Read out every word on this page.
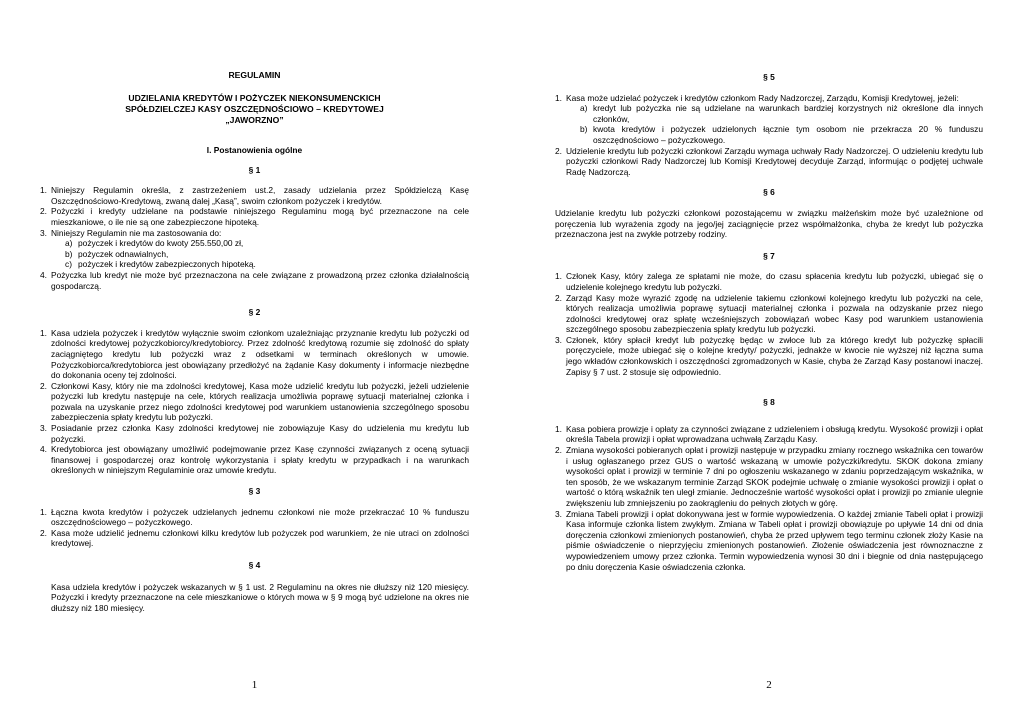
REGULAMIN
UDZIELANIA KREDYTÓW I POŻYCZEK NIEKONSUMENCKICH
SPÓŁDZIELCZEJ KASY OSZCZĘDNOŚCIOWO – KREDYTOWEJ
„JAWORZNO”
I. Postanowienia ogólne
§ 1
1. Niniejszy Regulamin określa, z zastrzeżeniem ust.2, zasady udzielania przez Spółdzielczą Kasę Oszczędnościowo-Kredytową, zwaną dalej „Kasą”, swoim członkom pożyczek i kredytów.
2. Pożyczki i kredyty udzielane na podstawie niniejszego Regulaminu mogą być przeznaczone na cele mieszkaniowe, o ile nie są one zabezpieczone hipoteką.
3. Niniejszy Regulamin nie ma zastosowania do:
a) pożyczek i kredytów do kwoty 255.550,00 zł,
b) pożyczek odnawialnych,
c) pożyczek i kredytów zabezpieczonych hipoteką.
4. Pożyczka lub kredyt nie może być przeznaczona na cele związane z prowadzoną przez członka działalnością gospodarczą.
§ 2
1. Kasa udziela pożyczek i kredytów wyłącznie swoim członkom uzależniając przyznanie kredytu lub pożyczki od zdolności kredytowej pożyczkobiorcy/kredytobiorcy. Przez zdolność kredytową rozumie się zdolność do spłaty zaciągniętego kredytu lub pożyczki wraz z odsetkami w terminach określonych w umowie. Pożyczkobiorca/kredytobiorca jest obowiązany przedłożyć na żądanie Kasy dokumenty i informacje niezbędne do dokonania oceny tej zdolności.
2. Członkowi Kasy, który nie ma zdolności kredytowej, Kasa może udzielić kredytu lub pożyczki, jeżeli udzielenie pożyczki lub kredytu następuje na cele, których realizacja umożliwia poprawę sytuacji materialnej członka i pozwala na uzyskanie przez niego zdolności kredytowej pod warunkiem ustanowienia szczególnego sposobu zabezpieczenia spłaty kredytu lub pożyczki.
3. Posiadanie przez członka Kasy zdolności kredytowej nie zobowiązuje Kasy do udzielenia mu kredytu lub pożyczki.
4. Kredytobiorca jest obowiązany umożliwić podejmowanie przez Kasę czynności związanych z oceną sytuacji finansowej i gospodarczej oraz kontrolę wykorzystania i spłaty kredytu w przypadkach i na warunkach określonych w niniejszym Regulaminie oraz umowie kredytu.
§ 3
1. Łączna kwota kredytów i pożyczek udzielanych jednemu członkowi nie może przekraczać 10 % funduszu oszczędnościowego – pożyczkowego.
2. Kasa może udzielić jednemu członkowi kilku kredytów lub pożyczek pod warunkiem, że nie utraci on zdolności kredytowej.
§ 4

Kasa udziela kredytów i pożyczek wskazanych w § 1 ust. 2 Regulaminu na okres nie dłuższy niż 120 miesięcy. Pożyczki i kredyty przeznaczone na cele mieszkaniowe o których mowa w § 9 mogą być udzielone na okres nie dłuższy niż 180 miesięcy.

1
§ 5
1. Kasa może udzielać pożyczek i kredytów członkom Rady Nadzorczej, Zarządu, Komisji Kredytowej, jeżeli:
a) kredyt lub pożyczka nie są udzielane na warunkach bardziej korzystnych niż określone dla innych członków,
b) kwota kredytów i pożyczek udzielonych łącznie tym osobom nie przekracza 20 % funduszu oszczędnościowo – pożyczkowego.
2. Udzielenie kredytu lub pożyczki członkowi Zarządu wymaga uchwały Rady Nadzorczej. O udzieleniu kredytu lub pożyczki członkowi Rady Nadzorczej lub Komisji Kredytowej decyduje Zarząd, informując o podjętej uchwale Radę Nadzorczą.
§ 6

Udzielanie kredytu lub pożyczki członkowi pozostającemu w związku małżeńskim może być uzależnione od poręczenia lub wyrażenia zgody na jego/jej zaciągnięcie przez współmałżonka, chyba że kredyt lub pożyczka przeznaczona jest na zwykłe potrzeby rodziny.

§ 7
1. Członek Kasy, który zalega ze spłatami nie może, do czasu spłacenia kredytu lub pożyczki, ubiegać się o udzielenie kolejnego kredytu lub pożyczki.
2. Zarząd Kasy może wyrazić zgodę na udzielenie takiemu członkowi kolejnego kredytu lub pożyczki na cele, których realizacja umożliwia poprawę sytuacji materialnej członka i pozwala na odzyskanie przez niego zdolności kredytowej oraz spłatę wcześniejszych zobowiązań wobec Kasy pod warunkiem ustanowienia szczególnego sposobu zabezpieczenia spłaty kredytu lub pożyczki.
3. Członek, który spłacił kredyt lub pożyczkę będąc w zwłoce lub za którego kredyt lub pożyczkę spłacili poręczyciele, może ubiegać się o kolejne kredyty/ pożyczki, jednakże w kwocie nie wyższej niż łączna suma jego wkładów członkowskich i oszczędności zgromadzonych w Kasie, chyba że Zarząd Kasy postanowi inaczej. Zapisy § 7 ust. 2 stosuje się odpowiednio.
§ 8
1. Kasa pobiera prowizje i opłaty za czynności związane z udzieleniem i obsługą kredytu. Wysokość prowizji i opłat określa Tabela prowizji i opłat wprowadzana uchwałą Zarządu Kasy.
2. Zmiana wysokości pobieranych opłat i prowizji następuje w przypadku zmiany rocznego wskaźnika cen towarów i usług ogłaszanego przez GUS o wartość wskazaną w umowie pożyczki/kredytu. SKOK dokona zmiany wysokości opłat i prowizji w terminie 7 dni po ogłoszeniu wskazanego w zdaniu poprzedzającym wskaźnika, w ten sposób, że we wskazanym terminie Zarząd SKOK podejmie uchwałę o zmianie wysokości prowizji i opłat o wartość o którą wskaźnik ten uległ zmianie. Jednocześnie wartość wysokości opłat i prowizji po zmianie ulegnie zwiększeniu lub zmniejszeniu po zaokrągleniu do pełnych złotych w górę.
3. Zmiana Tabeli prowizji i opłat dokonywana jest w formie wypowiedzenia. O każdej zmianie Tabeli opłat i prowizji Kasa informuje członka listem zwykłym. Zmiana w Tabeli opłat i prowizji obowiązuje po upływie 14 dni od dnia doręczenia członkowi zmienionych postanowień, chyba że przed upływem tego terminu członek złoży Kasie na piśmie oświadczenie o nieprzyjęciu zmienionych postanowień. Złożenie oświadczenia jest równoznaczne z wypowiedzeniem umowy przez członka. Termin wypowiedzenia wynosi 30 dni i biegnie od dnia następującego po dniu doręczenia Kasie oświadczenia członka.
2
